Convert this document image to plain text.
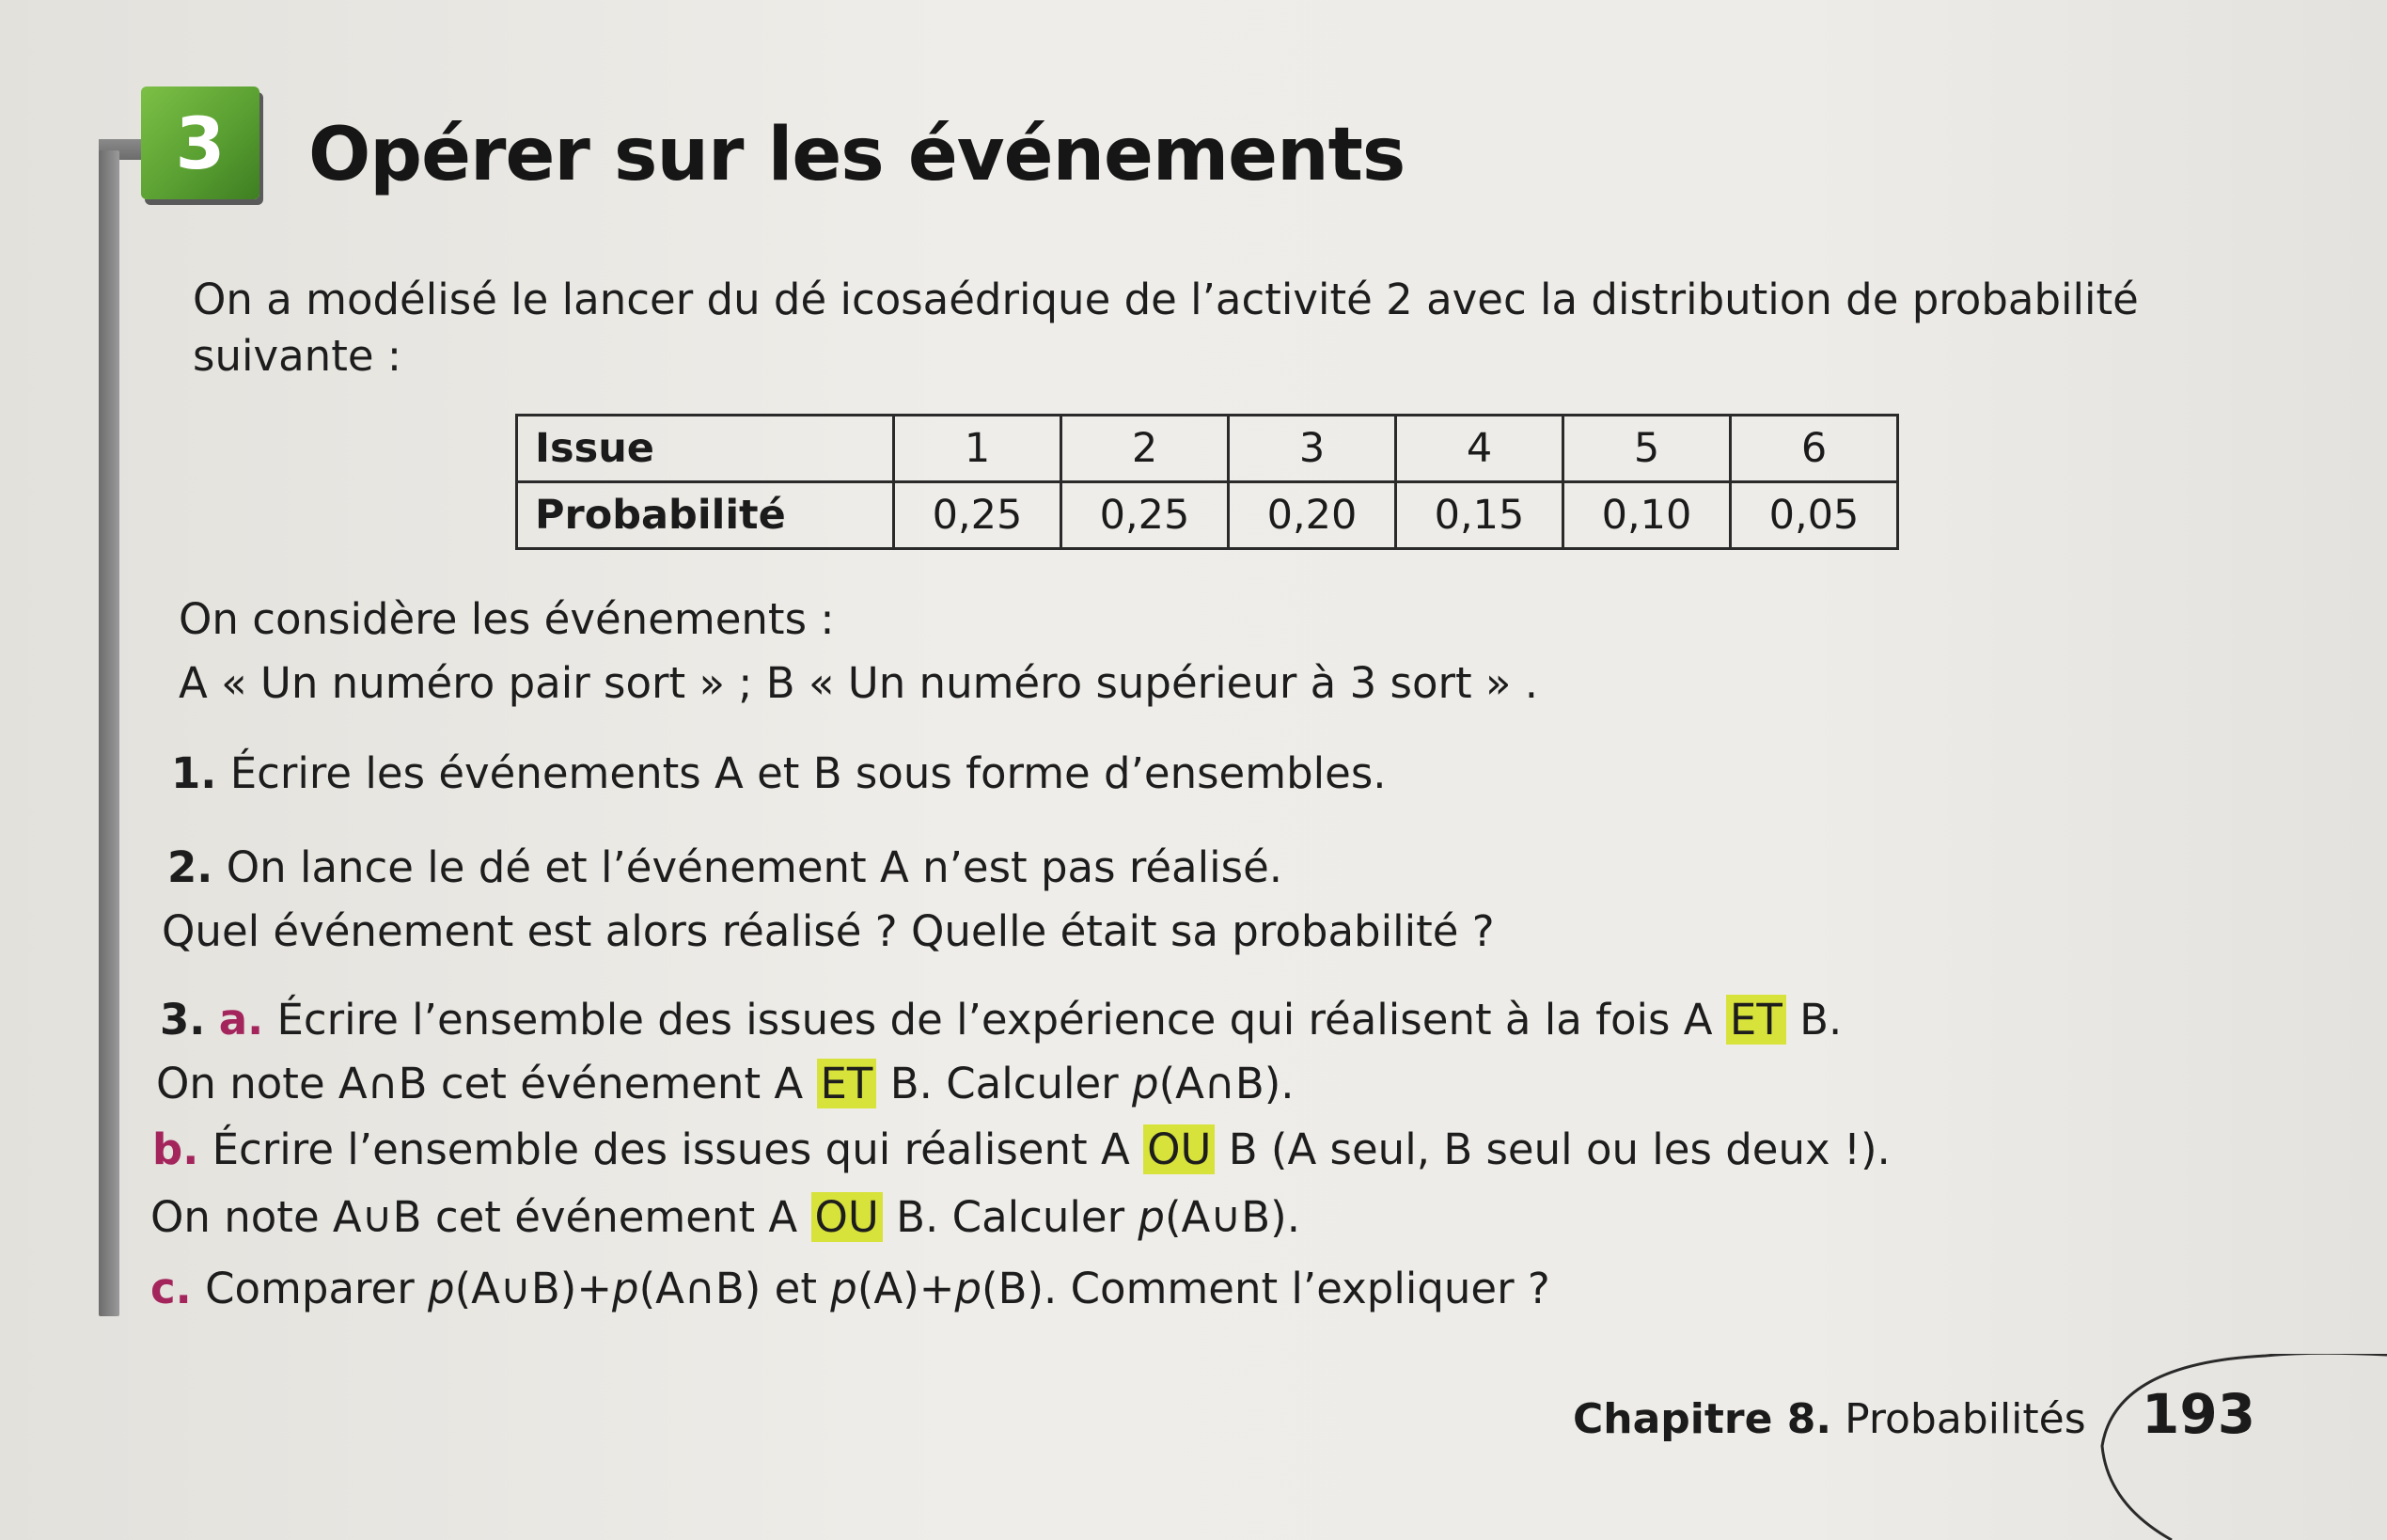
3 Opérer sur les événements
On a modélisé le lancer du dé icosaédrique de l’activité 2 avec la distribution de probabilité
suivante :
Issue	1	2	3	4	5	6
Probabilité	0,25	0,25	0,20	0,15	0,10	0,05
On considère les événements :
A « Un numéro pair sort » ; B « Un numéro supérieur à 3 sort » .
1. Écrire les événements A et B sous forme d’ensembles.
2. On lance le dé et l’événement A n’est pas réalisé.
Quel événement est alors réalisé ? Quelle était sa probabilité ?
3. a. Écrire l’ensemble des issues de l’expérience qui réalisent à la fois A ET B.
On note A∩B cet événement A ET B. Calculer p(A∩B).
b. Écrire l’ensemble des issues qui réalisent A OU B (A seul, B seul ou les deux !).
On note A∪B cet événement A OU B. Calculer p(A∪B).
c. Comparer p(A∪B)+p(A∩B) et p(A)+p(B). Comment l’expliquer ?
Chapitre 8. Probabilités 193
